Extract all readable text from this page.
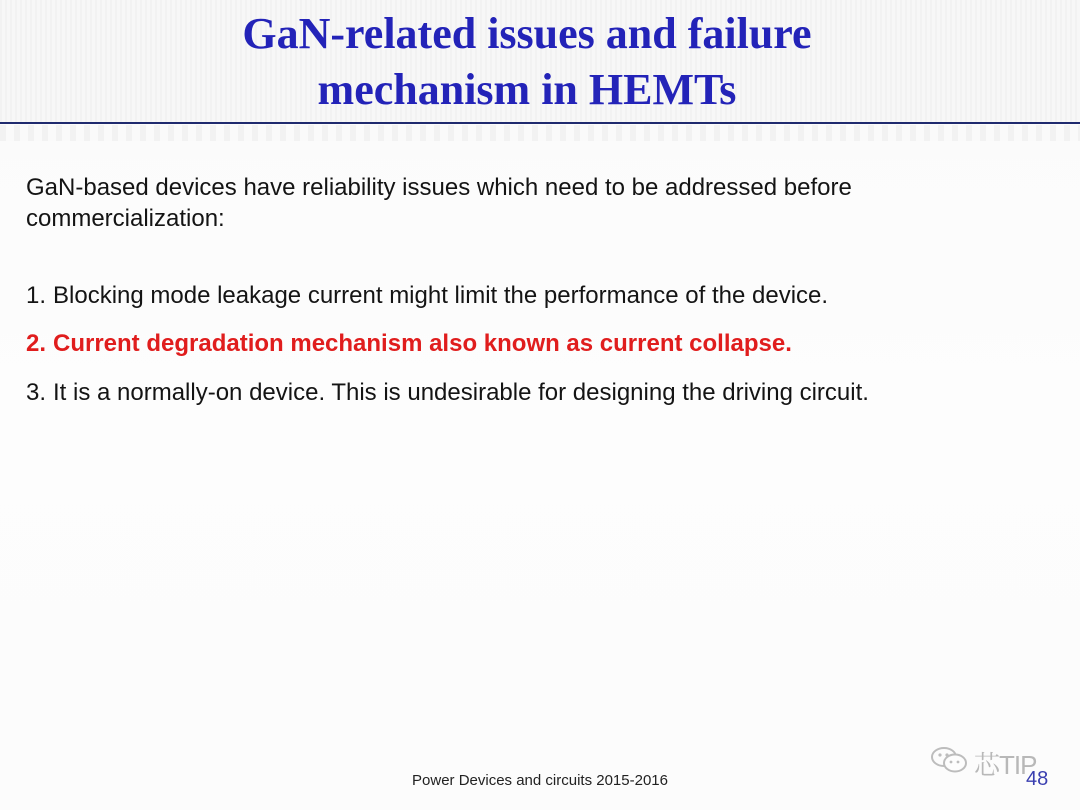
GaN-related issues and failure
mechanism in HEMTs
GaN-based devices have reliability issues which need to be addressed before commercialization:
1. Blocking mode leakage current might limit the performance of the device.
2. Current degradation mechanism also known as current collapse.
3. It is a normally-on device. This is undesirable for designing the driving circuit.
Power Devices and circuits 2015-2016
芯TIP
48
